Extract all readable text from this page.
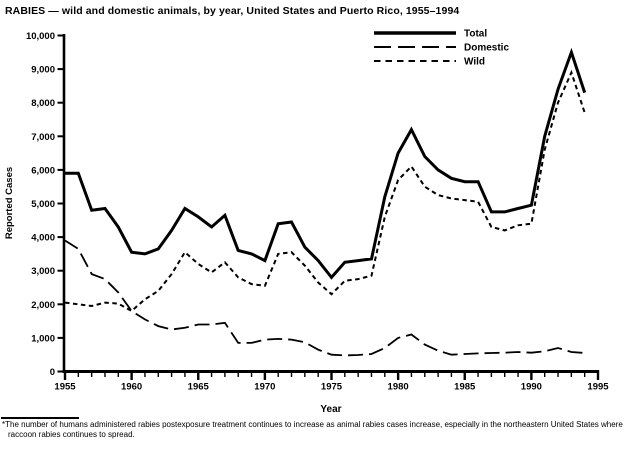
RABIES — wild and domestic animals, by year, United States and Puerto Rico, 1955–1994
0
1,000
2,000
3,000
4,000
5,000
6,000
7,000
8,000
9,000
10,000
1955	1960	1965	1970	1975	1980	1985	1990	1995
Reported Cases
Year
Total
Domestic
Wild
*The number of humans administered rabies postexposure treatment continues to increase as animal rabies cases increase, especially in the northeastern United States where raccoon rabies continues to spread.
